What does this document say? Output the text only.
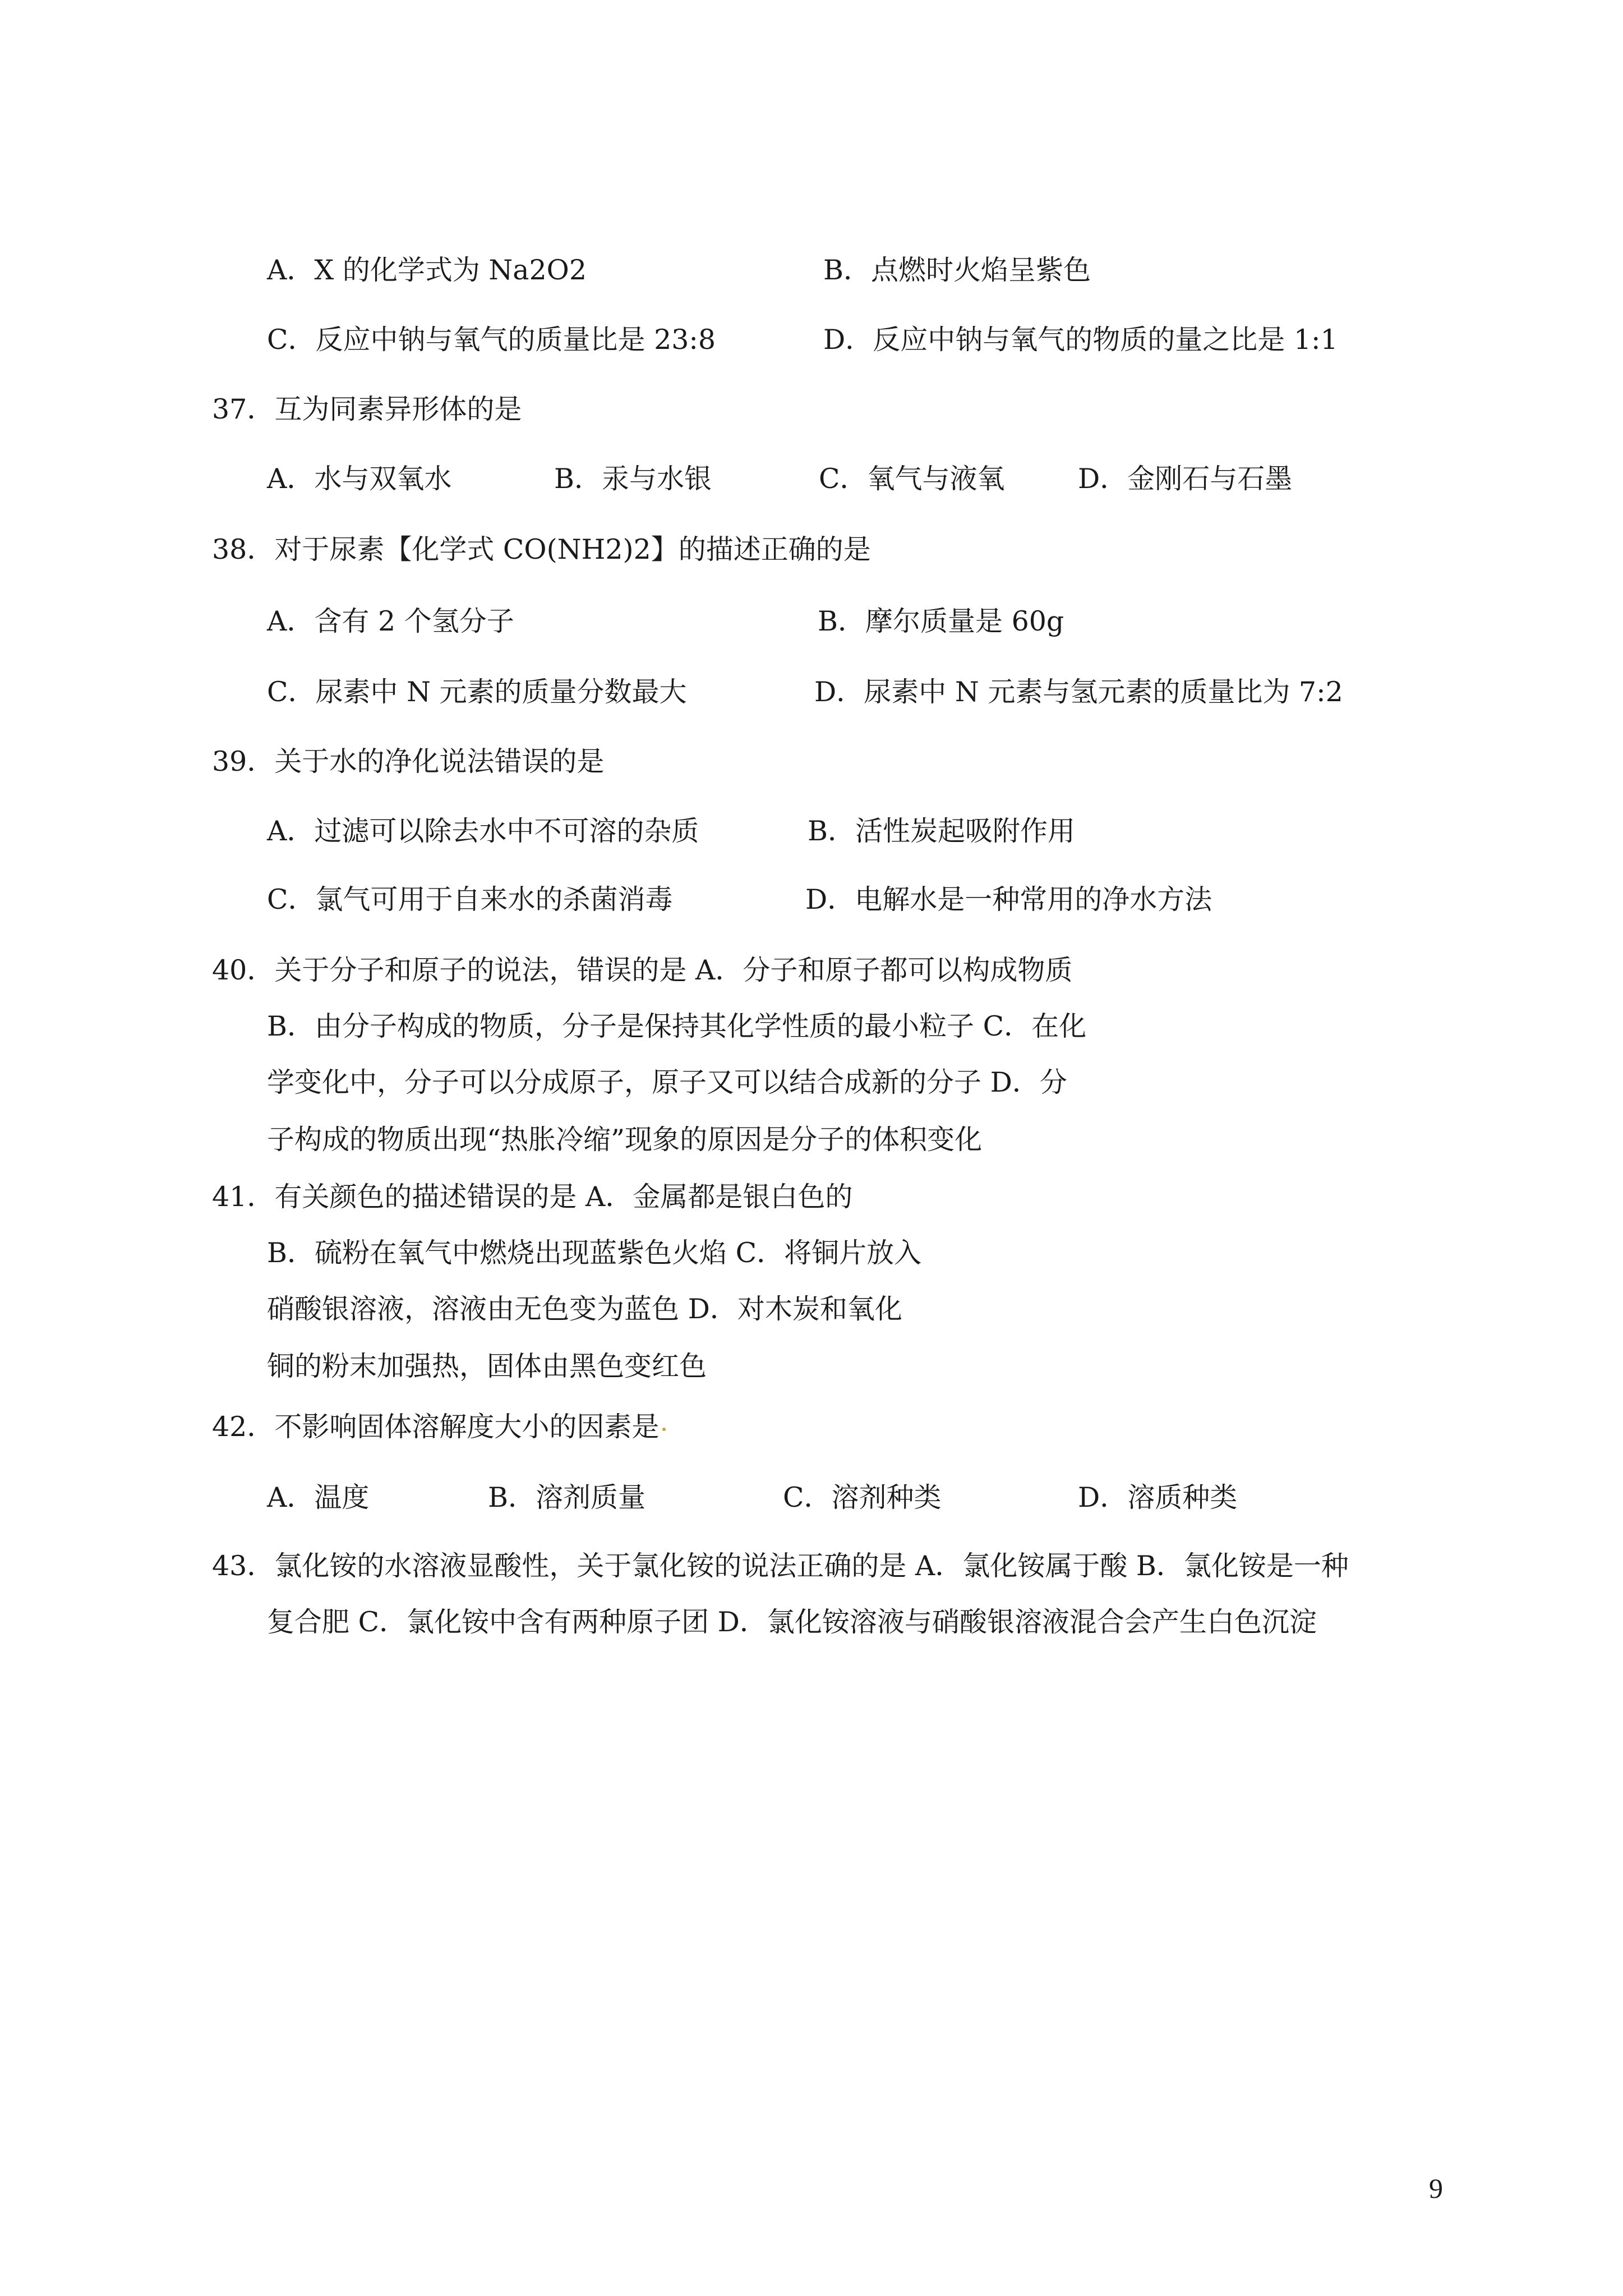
A．X 的化学式为 Na2O2	B．点燃时火焰呈紫色
C．反应中钠与氧气的质量比是 23:8	D．反应中钠与氧气的物质的量之比是 1:1
37．互为同素异形体的是
A．水与双氧水	B．汞与水银	C．氧气与液氧	D．金刚石与石墨
38．对于尿素【化学式 CO(NH2)2】的描述正确的是
A．含有 2 个氢分子	B．摩尔质量是 60g
C．尿素中 N 元素的质量分数最大	D．尿素中 N 元素与氢元素的质量比为 7:2
39．关于水的净化说法错误的是
A．过滤可以除去水中不可溶的杂质	B．活性炭起吸附作用
C．氯气可用于自来水的杀菌消毒	D．电解水是一种常用的净水方法
40．关于分子和原子的说法，错误的是 A．分子和原子都可以构成物质
B．由分子构成的物质，分子是保持其化学性质的最小粒子 C．在化
学变化中，分子可以分成原子，原子又可以结合成新的分子 D．分
子构成的物质出现“热胀冷缩”现象的原因是分子的体积变化
41．有关颜色的描述错误的是 A．金属都是银白色的
B．硫粉在氧气中燃烧出现蓝紫色火焰 C．将铜片放入
硝酸银溶液，溶液由无色变为蓝色 D．对木炭和氧化
铜的粉末加强热，固体由黑色变红色
42．不影响固体溶解度大小的因素是
A．温度	B．溶剂质量	C．溶剂种类	D．溶质种类
43．氯化铵的水溶液显酸性，关于氯化铵的说法正确的是 A．氯化铵属于酸 B．氯化铵是一种
复合肥 C．氯化铵中含有两种原子团 D．氯化铵溶液与硝酸银溶液混合会产生白色沉淀
9
